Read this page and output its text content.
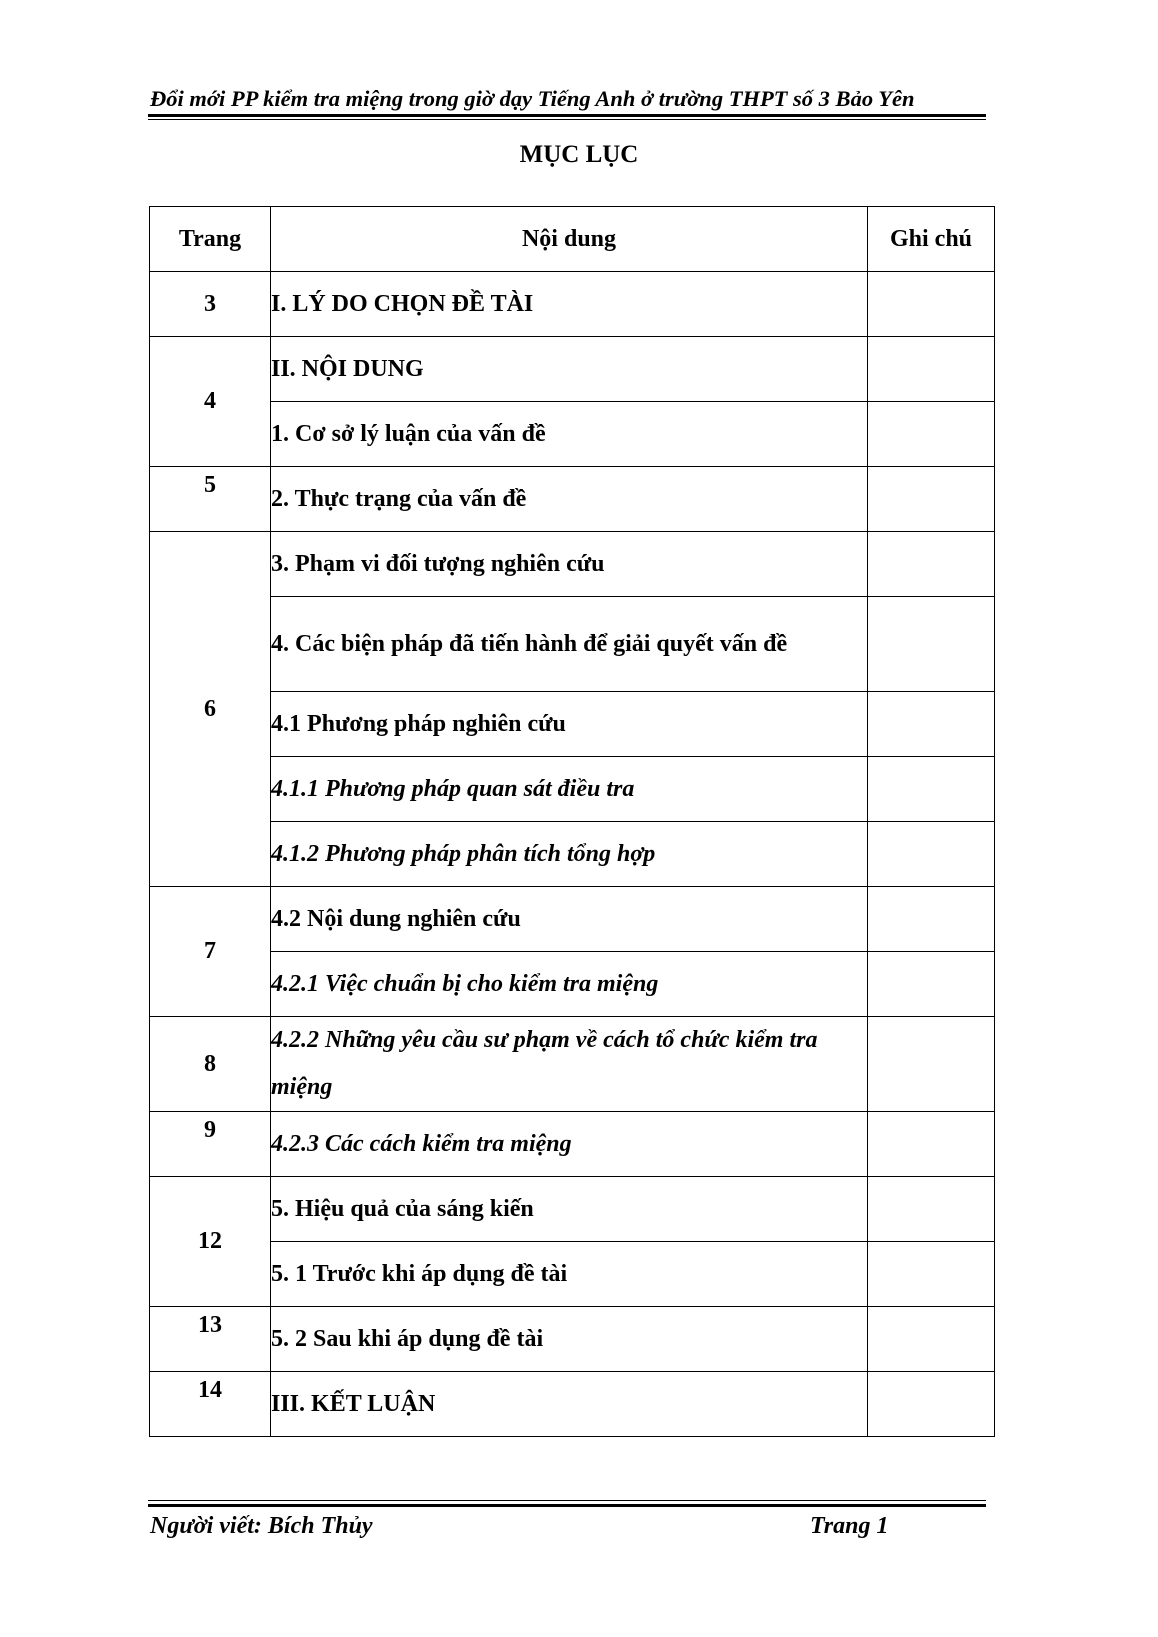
Đổi mới PP kiểm tra miệng trong giờ dạy Tiếng Anh ở trường THPT số 3 Bảo Yên
MỤC LỤC
Trang	Nội dung	Ghi chú
3	I. LÝ DO CHỌN ĐỀ TÀI	
4	II. NỘI DUNG	
	1. Cơ sở lý luận của vấn đề	
5	2. Thực trạng của vấn đề	
6	3. Phạm vi đối tượng nghiên cứu	
	4. Các biện pháp đã tiến hành để giải quyết vấn đề	
	4.1 Phương pháp nghiên cứu	
	4.1.1 Phương pháp quan sát điều tra	
	4.1.2 Phương pháp phân tích tổng hợp	
7	4.2 Nội dung nghiên cứu	
	4.2.1 Việc chuẩn bị cho kiểm tra miệng	
8	4.2.2 Những yêu cầu sư phạm về cách tổ chức kiểm tra miệng	
9	4.2.3 Các cách kiểm tra miệng	
12	5. Hiệu quả của sáng kiến	
	5. 1 Trước khi áp dụng đề tài	
13	5. 2 Sau khi áp dụng đề tài	
14	III. KẾT LUẬN	
Người viết: Bích Thủy	Trang 1
